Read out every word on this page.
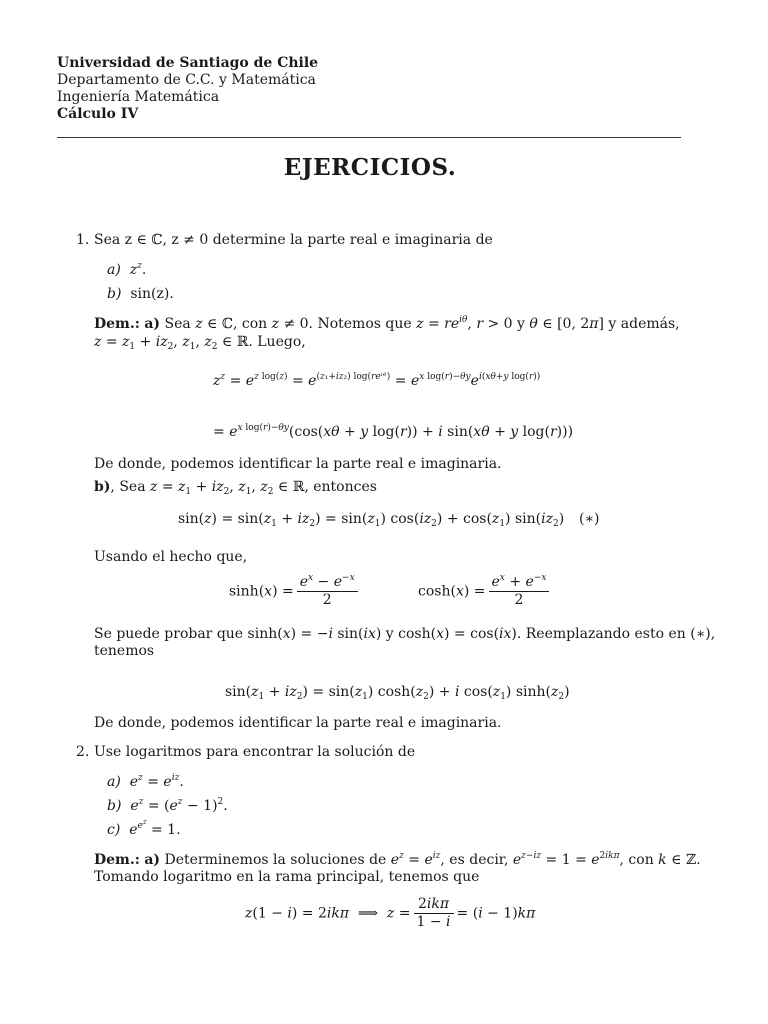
Universidad de Santiago de Chile
Departamento de C.C. y Matemática
Ingeniería Matemática
Cálculo IV
EJERCICIOS.
1. Sea z ∈ ℂ, z ≠ 0 determine la parte real e imaginaria de
a) $z^z$.
b) sin(z).
Dem.: a) Sea z ∈ ℂ, con z ≠ 0. Notemos que $z = re^{i\theta}$, r > 0 y θ ∈ [0, 2π] y además,
$z = z_1 + iz_2$, $z_1$, $z_2$ ∈ ℝ. Luego,
$z^z = e^{z log(z)} = e^{(z_1+iz_2) log(re^iᶿ)} = e^{x log(r)-\theta y}e^{i(x\theta+y log(r))}$
= $e^{x log(r)-\theta y}(\cos(x\theta + y$ log(r)) + i sin(xθ + y log(r)))
De donde, podemos identificar la parte real e imaginaria.
b), Sea $z = z_1 + iz_2$, $z_1$, $z_2$ ∈ ℝ, entonces
$\sin(z) = \sin(z_1 + iz_2) = \sin(z_1) \cos(iz_2) + \cos(z_1)$ $\sin(iz_2)$ (∗)
Usando el hecho que,
$\sinh(x) = \frac{e^x - e^{-x}}{2}$	$\cosh(x) = \frac{e^x + e^{-x}}{2}$
Se puede probar que sinh(x) = −i sin(ix) y cosh(x) = cos(ix). Reemplazando esto en (∗),
tenemos
$\sin(z_1 + iz_2) = \sin(z_1) \cosh(z_2) + i$ $\cos(z_1)$ $\sinh(z_2)$
De donde, podemos identificar la parte real e imaginaria.
2. Use logaritmos para encontrar la solución de
a) $e^z = e^{iz}$.
b) $e^z = (e^z - 1)^2$.
c) $e^{e^z} = 1$.
Dem.: a) Determinemos la soluciones de $e^z = e^{iz}$, es decir, $e^{z-iz} = 1 = e^{2ik\pi}$, con k ∈ ℤ.
Tomando logaritmo en la rama principal, tenemos que
z(1 − i) = 2ikπ  ⟹  $z = \frac{\text{2ikπ}}{1 - i} = (i - 1)k\pi$
